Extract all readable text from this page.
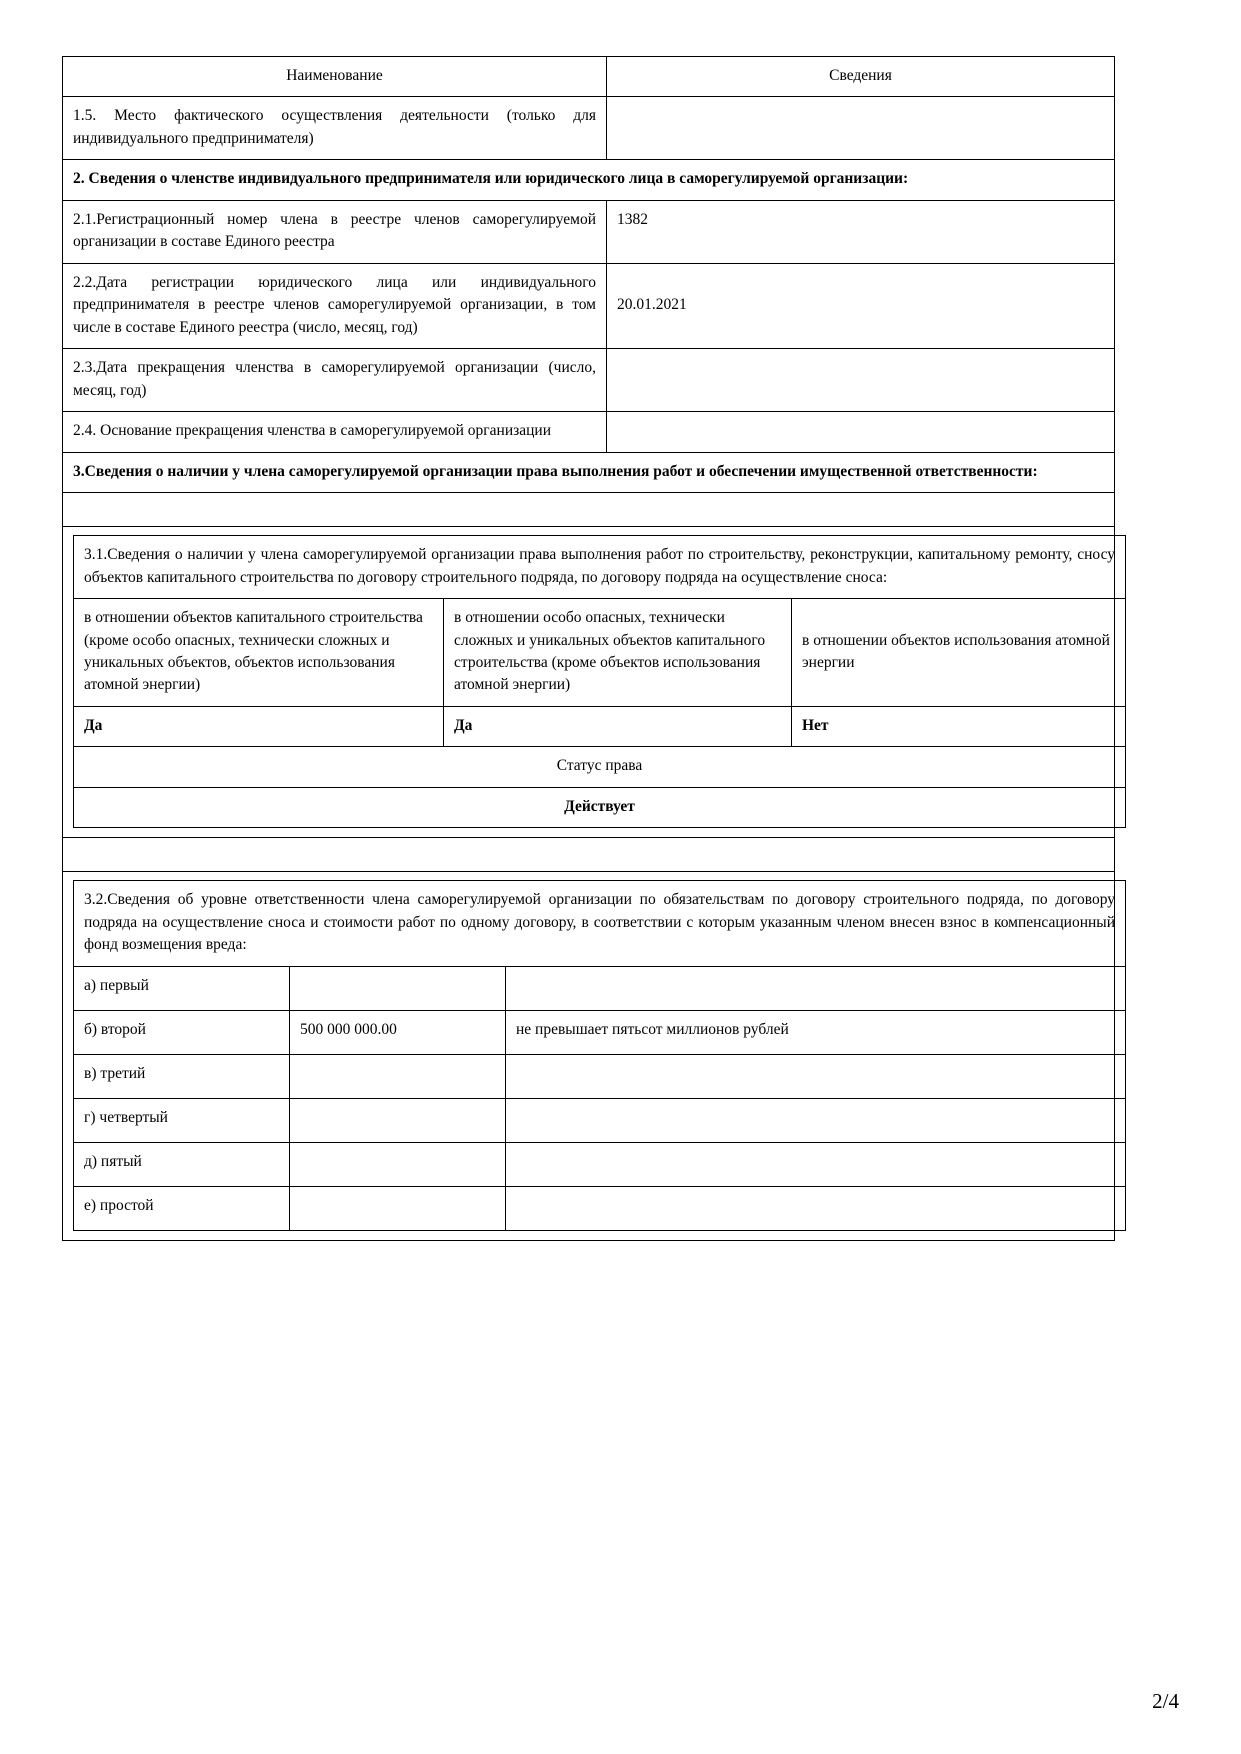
Наименование	Сведения
1.5. Место фактического осуществления деятельности (только для индивидуального предпринимателя)	
2. Сведения о членстве индивидуального предпринимателя или юридического лица в саморегулируемой организации:
2.1.Регистрационный номер члена в реестре членов саморегулируемой организации в составе Единого реестра	1382
2.2.Дата регистрации юридического лица или индивидуального предпринимателя в реестре членов саморегулируемой организации, в том числе в составе Единого реестра (число, месяц, год)	20.01.2021
2.3.Дата прекращения членства в саморегулируемой организации (число, месяц, год)	
2.4. Основание прекращения членства в саморегулируемой организации	
3.Сведения о наличии у члена саморегулируемой организации права выполнения работ и обеспечении имущественной ответственности:

3.1.Сведения о наличии у члена саморегулируемой организации права выполнения работ по строительству, реконструкции, капитальному ремонту, сносу объектов капитального строительства по договору строительного подряда, по договору подряда на осуществление сноса:
в отношении объектов капитального строительства (кроме особо опасных, технически сложных и уникальных объектов, объектов использования атомной энергии)	в отношении особо опасных, технически сложных и уникальных объектов капитального строительства (кроме объектов использования атомной энергии)	в отношении объектов использования атомной энергии
Да	Да	Нет
Статус права
Действует

3.2.Сведения об уровне ответственности члена саморегулируемой организации по обязательствам по договору строительного подряда, по договору подряда на осуществление сноса и стоимости работ по одному договору, в соответствии с которым указанным членом внесен взнос в компенсационный фонд возмещения вреда:
а) первый		
б) второй	500 000 000.00	не превышает пятьсот миллионов рублей
в) третий		
г) четвертый		
д) пятый		
е) простой		
2/4
